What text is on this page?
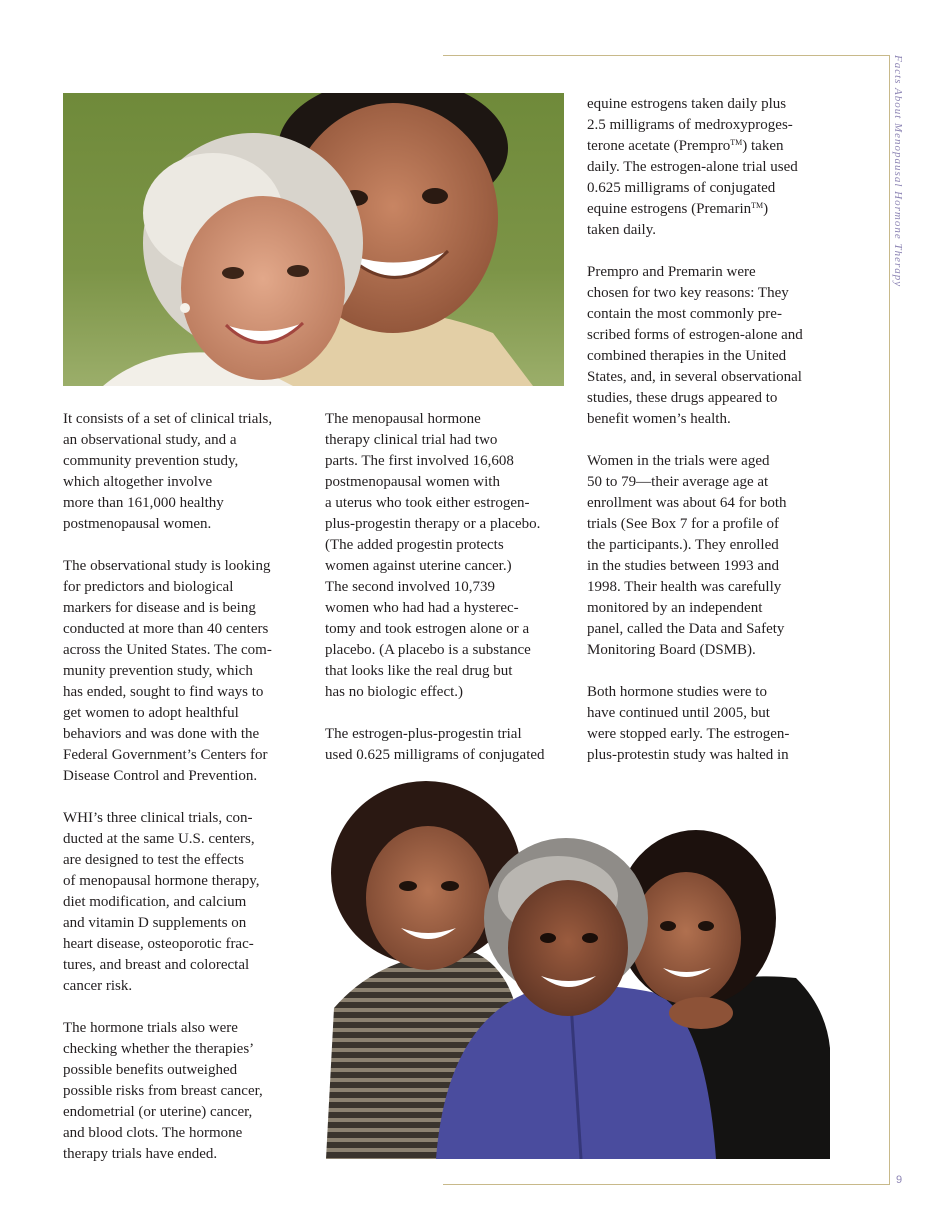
Facts About Menopausal Hormone Therapy
9

It consists of a set of clinical trials,
an observational study, and a
community prevention study,
which altogether involve
more than 161,000 healthy
postmenopausal women.

The observational study is looking
for predictors and biological
markers for disease and is being
conducted at more than 40 centers
across the United States. The com-
munity prevention study, which
has ended, sought to find ways to
get women to adopt healthful
behaviors and was done with the
Federal Government’s Centers for
Disease Control and Prevention.

WHI’s three clinical trials, con-
ducted at the same U.S. centers,
are designed to test the effects
of menopausal hormone therapy,
diet modification, and calcium
and vitamin D supplements on
heart disease, osteoporotic frac-
tures, and breast and colorectal
cancer risk.

The hormone trials also were
checking whether the therapies’
possible benefits outweighed
possible risks from breast cancer,
endometrial (or uterine) cancer,
and blood clots. The hormone
therapy trials have ended.

The menopausal hormone
therapy clinical trial had two
parts. The first involved 16,608
postmenopausal women with
a uterus who took either estrogen-
plus-progestin therapy or a placebo.
(The added progestin protects
women against uterine cancer.)
The second involved 10,739
women who had had a hysterec-
tomy and took estrogen alone or a
placebo. (A placebo is a substance
that looks like the real drug but
has no biologic effect.)

The estrogen-plus-progestin trial
used 0.625 milligrams of conjugated

equine estrogens taken daily plus
2.5 milligrams of medroxyproges-
terone acetate (Prempro™) taken
daily. The estrogen-alone trial used
0.625 milligrams of conjugated
equine estrogens (Premarin™)
taken daily.

Prempro and Premarin were
chosen for two key reasons: They
contain the most commonly pre-
scribed forms of estrogen-alone and
combined therapies in the United
States, and, in several observational
studies, these drugs appeared to
benefit women’s health.

Women in the trials were aged
50 to 79—their average age at
enrollment was about 64 for both
trials (See Box 7 for a profile of
the participants.). They enrolled
in the studies between 1993 and
1998. Their health was carefully
monitored by an independent
panel, called the Data and Safety
Monitoring Board (DSMB).

Both hormone studies were to
have continued until 2005, but
were stopped early. The estrogen-
plus-protestin study was halted in
